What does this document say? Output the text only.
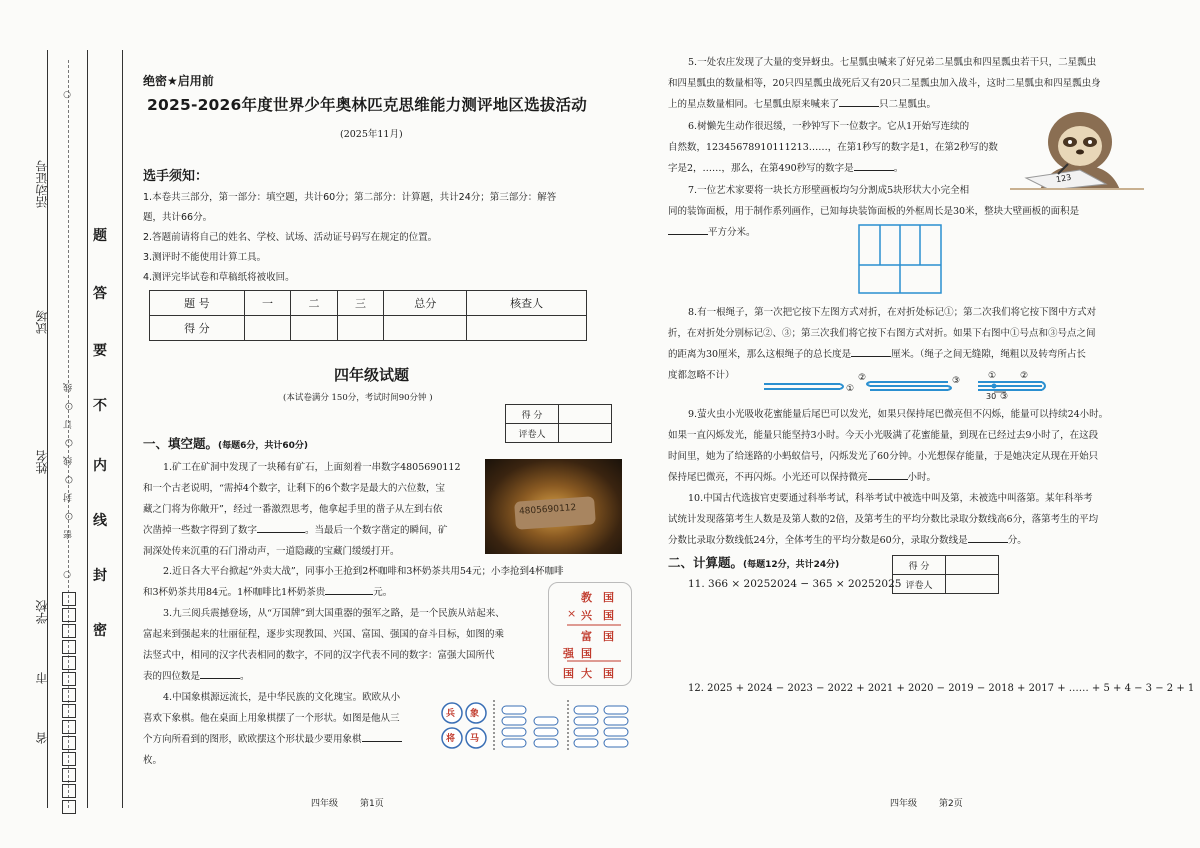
活动证号
试场
姓名
学校
市
省
○
密 ○ 封 ○ 线 ○ 订 ○ 线
○
密
封
线
内
不
要
答
题
绝密★启用前
2025-2026年度世界少年奥林匹克思维能力测评地区选拔活动
(2025年11月)
选手须知：
1.本卷共三部分，第一部分：填空题，共计60分；第二部分：计算题，共计24分；第三部分：解答
题，共计66分。
2.答题前请将自己的姓名、学校、试场、活动证号码写在规定的位置。
3.测评时不能使用计算工具。
4.测评完毕试卷和草稿纸将被收回。
题 号	一	二	三	总分	核查人
得 分					
四年级试题
(本试卷满分 150分，考试时间90分钟 )
得 分	
评卷人	
一、填空题。(每题6分，共计60分)
1.矿工在矿洞中发现了一块稀有矿石，上面刻着一串数字4805690112
和一个古老说明，“需掉4个数字，让剩下的6个数字是最大的六位数，宝
藏之门将为你敞开”，经过一番激烈思考，他拿起手里的凿子从左到右依
次凿掉一些数字得到了数字	。当最后一个数字凿定的瞬间，矿
洞深处传来沉重的石门滑动声，一道隐藏的宝藏门缓缓打开。
4805690112
2.近日各大平台掀起“外卖大战”，同事小王抢到2杯咖啡和3杯奶茶共用54元；小李抢到4杯咖啡
和3杯奶茶共用84元。1杯咖啡比1杯奶茶贵	元。
3.九三阅兵震撼登场，从“万国牌”到大国重器的强军之路，是一个民族从站起来、
富起来到强起来的壮丽征程，逐步实现教国、兴国、富国、强国的奋斗目标，如图的乘
法竖式中，相同的汉字代表相同的数字，不同的汉字代表不同的数字：富强大国所代
表的四位数是	。
教 国
× 兴 国
富 国
强 国
国 大 国
4.中国象棋源远流长，是中华民族的文化瑰宝。欧欧从小
喜欢下象棋。他在桌面上用象棋摆了一个形状。如图是他从三
个方向所看到的图形，欧欧摆这个形状最少要用象棋
枚。
兵 象
将 马
四年级 第1页
5.一处农庄发现了大量的变异蚜虫。七星瓢虫喊来了好兄弟二星瓢虫和四星瓢虫若干只，二星瓢虫
和四星瓢虫的数量相等，20只四星瓢虫战死后又有20只二星瓢虫加入战斗，这时二星瓢虫和四星瓢虫身
上的星点数量相同。七星瓢虫原来喊来了	只二星瓢虫。
6.树懒先生动作很迟缓，一秒钟写下一位数字。它从1开始写连续的
自然数，12345678910111213……，在第1秒写的数字是1，在第2秒写的数
字是2，……，那么，在第490秒写的数字是	。
123
7.一位艺术家要将一块长方形壁画板均匀分割成5块形状大小完全相
同的装饰面板，用于制作系列画作，已知每块装饰面板的外框周长是30米，整块大壁画板的面积是
平方分米。
8.有一根绳子，第一次把它按下左图方式对折，在对折处标记①；第二次我们将它按下图中方式对
折，在对折处分别标记②、③；第三次我们将它按下右图方式对折。如果下右图中①号点和③号点之间
的距离为30厘米，那么这根绳子的总长度是	厘米。（绳子之间无缝隙，绳粗以及转弯所占长
度都忽略不计）
①
②	③	①	②
30 ③
9.萤火虫小光吸收花蜜能量后尾巴可以发光，如果只保持尾巴微亮但不闪烁，能量可以持续24小时。
如果一直闪烁发光，能量只能坚持3小时。今天小光吸满了花蜜能量，到现在已经过去9小时了，在这段
时间里，她为了给迷路的小蚂蚁信号，闪烁发光了60分钟。小光想保存能量，于是她决定从现在开始只
保持尾巴微亮，不再闪烁。小光还可以保持微亮	小时。
10.中国古代选拔官吏要通过科举考试，科举考试中被选中叫及第，未被选中叫落第。某年科举考
试统计发现落第考生人数是及第人数的2倍，及第考生的平均分数比录取分数线高6分，落第考生的平均
分数比录取分数线低24分，全体考生的平均分数是60分，录取分数线是	分。
二、计算题。(每题12分，共计24分)	得 分	
评卷人	
11. 366 × 20252024 − 365 × 20252025
12. 2025 + 2024 − 2023 − 2022 + 2021 + 2020 − 2019 − 2018 + 2017 + …… + 5 + 4 − 3 − 2 + 1
四年级 第2页
